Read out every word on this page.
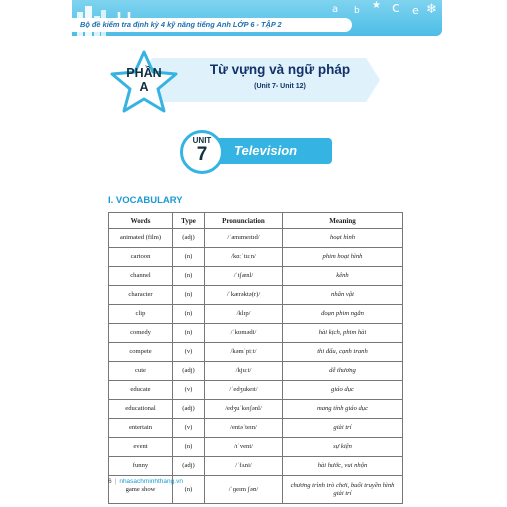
a b c
★	e ❄
Bộ đề kiểm tra định kỳ 4 kỹ năng tiếng Anh LỚP 6 - TẬP 2
PHẦN
A
Từ vựng và ngữ pháp
(Unit 7- Unit 12)
UNIT
7	Television
I. VOCABULARY
Words	Type	Pronunciation	Meaning
animated (film)	(adj)	/ˈænɪmeɪtɪd/	hoạt hình
cartoon	(n)	/kɑːˈtuːn/	phim hoạt hình
channel	(n)	/ˈtʃænl/	kênh
character	(n)	/ˈkærəktə(r)/	nhân vật
clip	(n)	/klɪp/	đoạn phim ngắn
comedy	(n)	/ˈkɒmədi/	hài kịch, phim hài
compete	(v)	/kəmˈpiːt/	thi đấu, cạnh tranh
cute	(adj)	/kjuːt/	dễ thương
educate	(v)	/ˈedʒukeɪt/	giáo dục
educational	(adj)	/edʒuˈkeɪʃənl/	mang tính giáo dục
entertain	(v)	/entəˈteɪn/	giải trí
event	(n)	/ɪˈvent/	sự kiện
funny	(adj)	/ˈfʌni/	hài hước, vui nhộn
game show	(n)	/ˈɡeɪm ʃəʊ/	chương trình trò chơi, buổi truyền hình giải trí
6 | nhasachminhthang.vn
